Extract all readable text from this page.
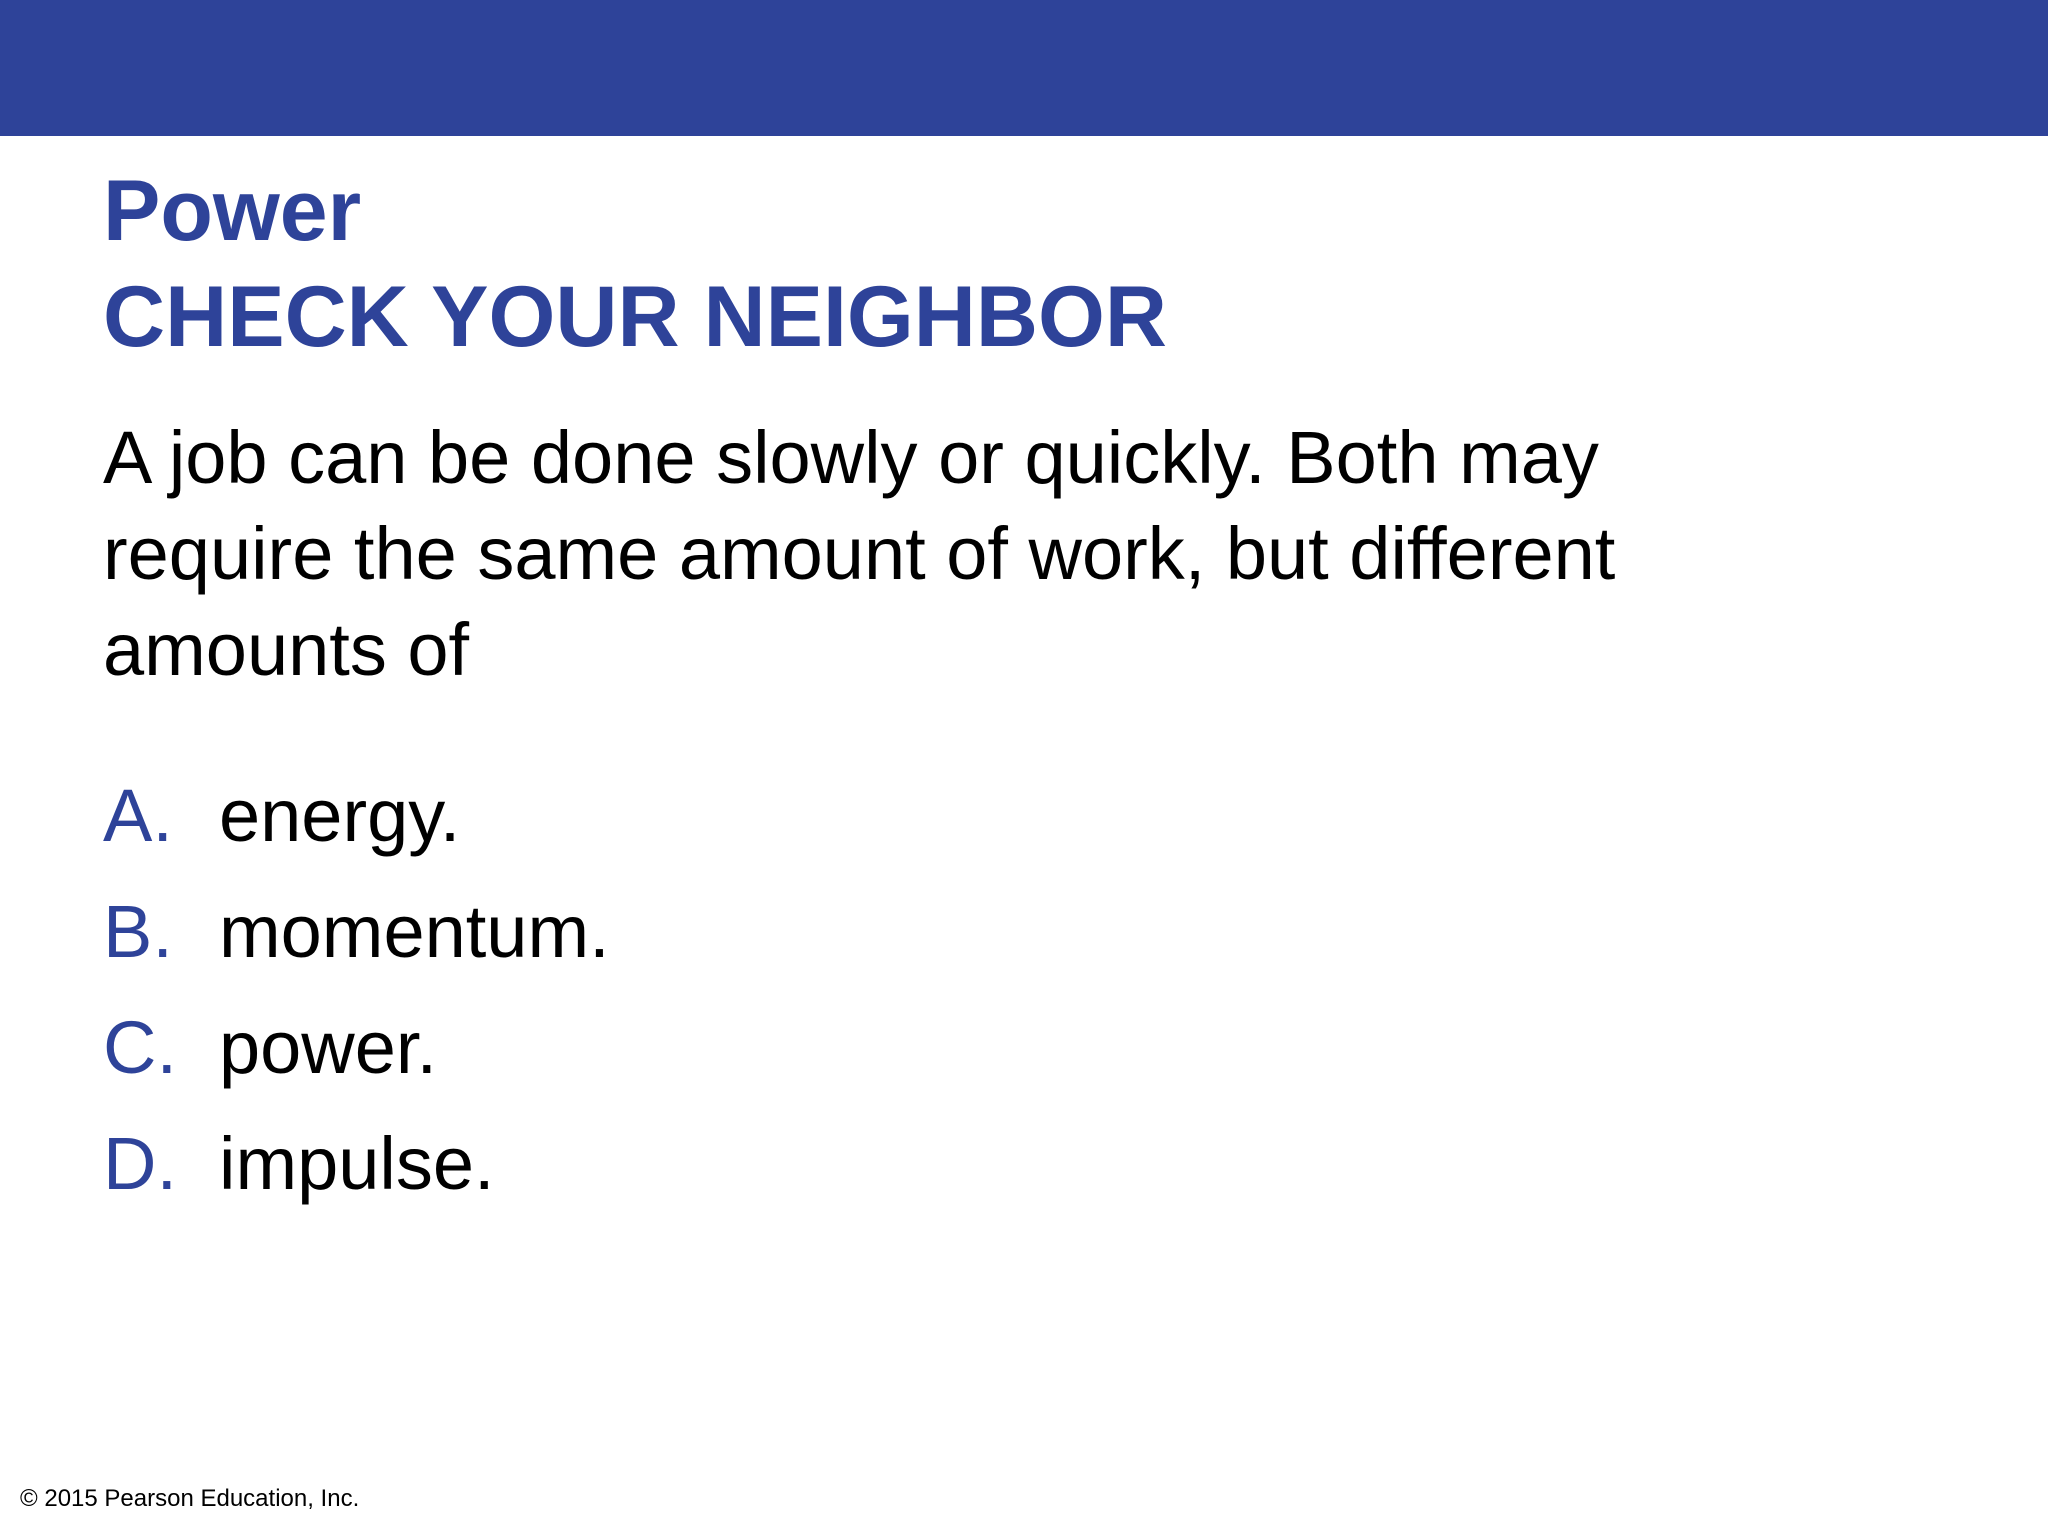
Power
CHECK YOUR NEIGHBOR
A job can be done slowly or quickly. Both may
require the same amount of work, but different
amounts of
A. energy.
B. momentum.
C. power.
D. impulse.
© 2015 Pearson Education, Inc.
